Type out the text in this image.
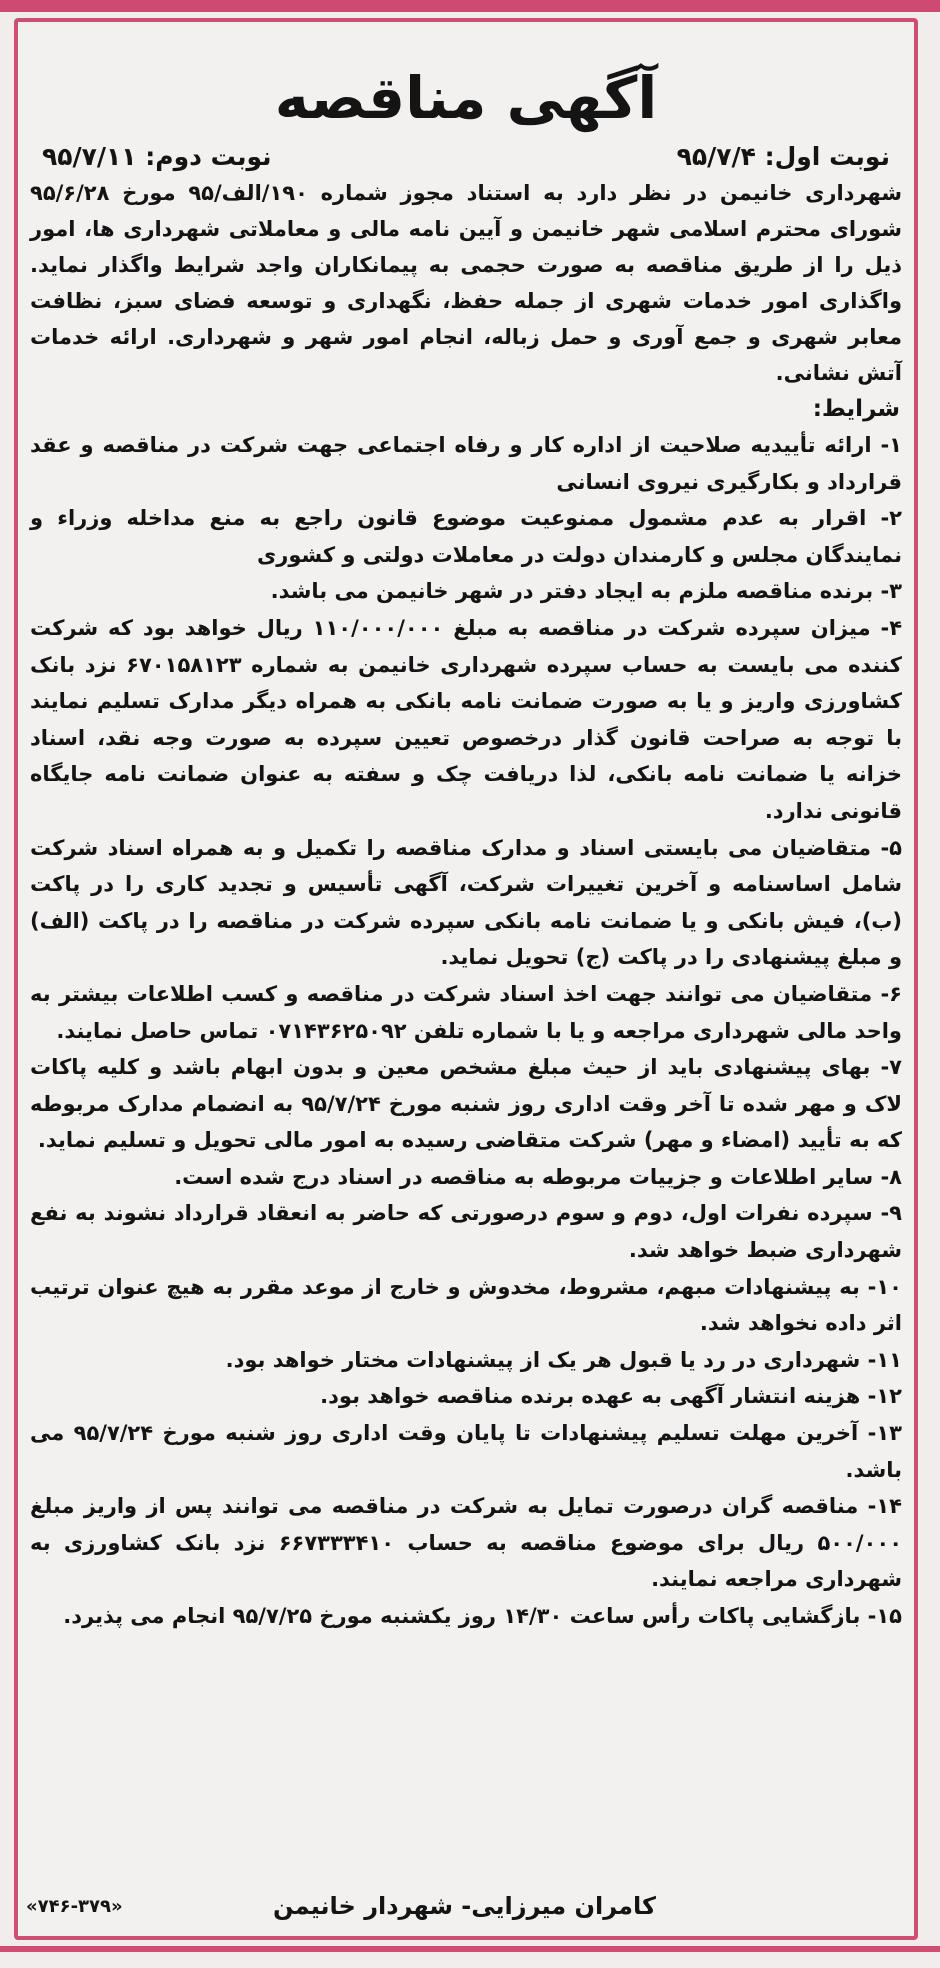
آگهی مناقصه
نوبت اول: ۹۵/۷/۴
نوبت دوم: ۹۵/۷/۱۱
شهرداری خانیمن در نظر دارد به استناد مجوز شماره ۱۹۰/الف/۹۵ مورخ ۹۵/۶/۲۸ شورای محترم اسلامی شهر خانیمن و آیین نامه مالی و معاملاتی شهرداری ها، امور ذیل را از طریق مناقصه به صورت حجمی به پیمانکاران واجد شرایط واگذار نماید. واگذاری امور خدمات شهری از جمله حفظ، نگهداری و توسعه فضای سبز، نظافت معابر شهری و جمع آوری و حمل زباله، انجام امور شهر و شهرداری. ارائه خدمات آتش نشانی.
شرایط:
۱- ارائه تأییدیه صلاحیت از اداره کار و رفاه اجتماعی جهت شرکت در مناقصه و عقد قرارداد و بکارگیری نیروی انسانی
۲- اقرار به عدم مشمول ممنوعیت موضوع قانون راجع به منع مداخله وزراء و نمایندگان مجلس و کارمندان دولت در معاملات دولتی و کشوری
۳- برنده مناقصه ملزم به ایجاد دفتر در شهر خانیمن می باشد.
۴- میزان سپرده شرکت در مناقصه به مبلغ ۱۱۰/۰۰۰/۰۰۰ ریال خواهد بود که شرکت کننده می بایست به حساب سپرده شهرداری خانیمن به شماره ۶۷۰۱۵۸۱۲۳ نزد بانک کشاورزی واریز و یا به صورت ضمانت نامه بانکی به همراه دیگر مدارک تسلیم نمایند با توجه به صراحت قانون گذار درخصوص تعیین سپرده به صورت وجه نقد، اسناد خزانه یا ضمانت نامه بانکی، لذا دریافت چک و سفته به عنوان ضمانت نامه جایگاه قانونی ندارد.
۵- متقاضیان می بایستی اسناد و مدارک مناقصه را تکمیل و به همراه اسناد شرکت شامل اساسنامه و آخرین تغییرات شرکت، آگهی تأسیس و تجدید کاری را در پاکت (ب)، فیش بانکی و یا ضمانت نامه بانکی سپرده شرکت در مناقصه را در پاکت (الف) و مبلغ پیشنهادی را در پاکت (ج) تحویل نماید.
۶- متقاضیان می توانند جهت اخذ اسناد شرکت در مناقصه و کسب اطلاعات بیشتر به واحد مالی شهرداری مراجعه و یا با شماره تلفن ۰۷۱۴۳۶۲۵۰۹۲ تماس حاصل نمایند.
۷- بهای پیشنهادی باید از حیث مبلغ مشخص معین و بدون ابهام باشد و کلیه پاکات لاک و مهر شده تا آخر وقت اداری روز شنبه مورخ ۹۵/۷/۲۴ به انضمام مدارک مربوطه که به تأیید (امضاء و مهر) شرکت متقاضی رسیده به امور مالی تحویل و تسلیم نماید.
۸- سایر اطلاعات و جزییات مربوطه به مناقصه در اسناد درج شده است.
۹- سپرده نفرات اول، دوم و سوم درصورتی که حاضر به انعقاد قرارداد نشوند به نفع شهرداری ضبط خواهد شد.
۱۰- به پیشنهادات مبهم، مشروط، مخدوش و خارج از موعد مقرر به هیچ عنوان ترتیب اثر داده نخواهد شد.
۱۱- شهرداری در رد یا قبول هر یک از پیشنهادات مختار خواهد بود.
۱۲- هزینه انتشار آگهی به عهده برنده مناقصه خواهد بود.
۱۳- آخرین مهلت تسلیم پیشنهادات تا پایان وقت اداری روز شنبه مورخ ۹۵/۷/۲۴ می باشد.
۱۴- مناقصه گران درصورت تمایل به شرکت در مناقصه می توانند پس از واریز مبلغ ۵۰۰/۰۰۰ ریال برای موضوع مناقصه به حساب ۶۶۷۳۳۳۴۱۰ نزد بانک کشاورزی به شهرداری مراجعه نمایند.
۱۵- بازگشایی پاکات رأس ساعت ۱۴/۳۰ روز یکشنبه مورخ ۹۵/۷/۲۵ انجام می پذیرد.
کامران میرزایی- شهردار خانیمن
«۷۴۶-۳۷۹»
